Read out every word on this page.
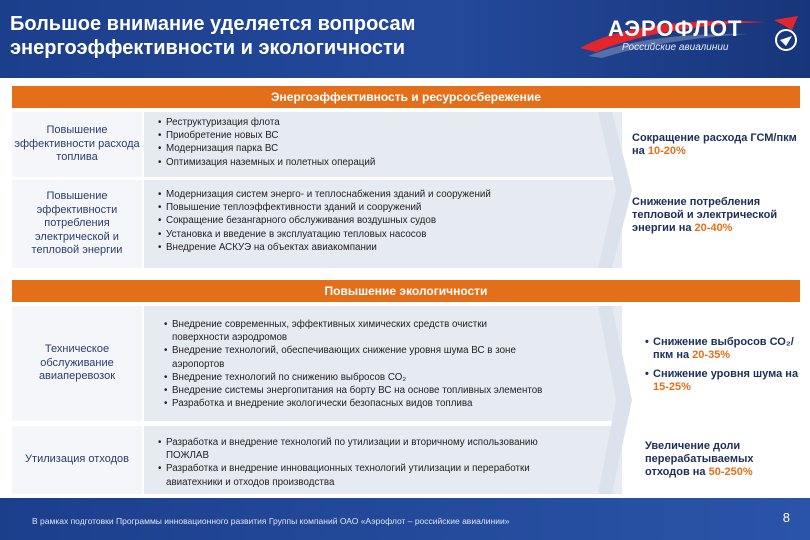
Большое внимание уделяется вопросам
энергоэффективности и экологичности
АЭРОФЛОТ
Российские авиалинии
Энергоэффективность и ресурсосбережение
Повышение эффективности расхода топлива
• Реструктуризация флота
• Приобретение новых ВС
• Модернизация парка ВС
• Оптимизация наземных и полетных операций
Повышение эффективности потребления электрической и тепловой энергии
• Модернизация систем энерго- и теплоснабжения зданий и сооружений
• Повышение теплоэффективности зданий и сооружений
• Сокращение безангарного обслуживания воздушных судов
• Установка и введение в эксплуатацию тепловых насосов
• Внедрение АСКУЭ на объектах авиакомпании
Сокращение расхода ГСМ/пкм на 10-20%
Снижение потребления тепловой и электрической энергии на 20-40%
Повышение экологичности
Техническое обслуживание авиаперевозок
• Внедрение современных, эффективных химических средств очистки поверхности аэродромов
• Внедрение технологий, обеспечивающих снижение уровня шума ВС в зоне аэропортов
• Внедрение технологий по снижению выбросов СО₂
• Внедрение системы энергопитания на борту ВС на основе топливных элементов
• Разработка и внедрение экологически безопасных видов топлива
Утилизация отходов
• Разработка и внедрение технологий по утилизации и вторичному использованию ПОЖЛАВ
• Разработка и внедрение инновационных технологий утилизации и переработки авиатехники и отходов производства
• Снижение выбросов СО₂/пкм на 20-35%
• Снижение уровня шума на 15-25%
Увеличение доли перерабатываемых отходов на 50-250%
В рамках подготовки Программы инновационного развития Группы компаний ОАО «Аэрофлот – российские авиалинии»	8
